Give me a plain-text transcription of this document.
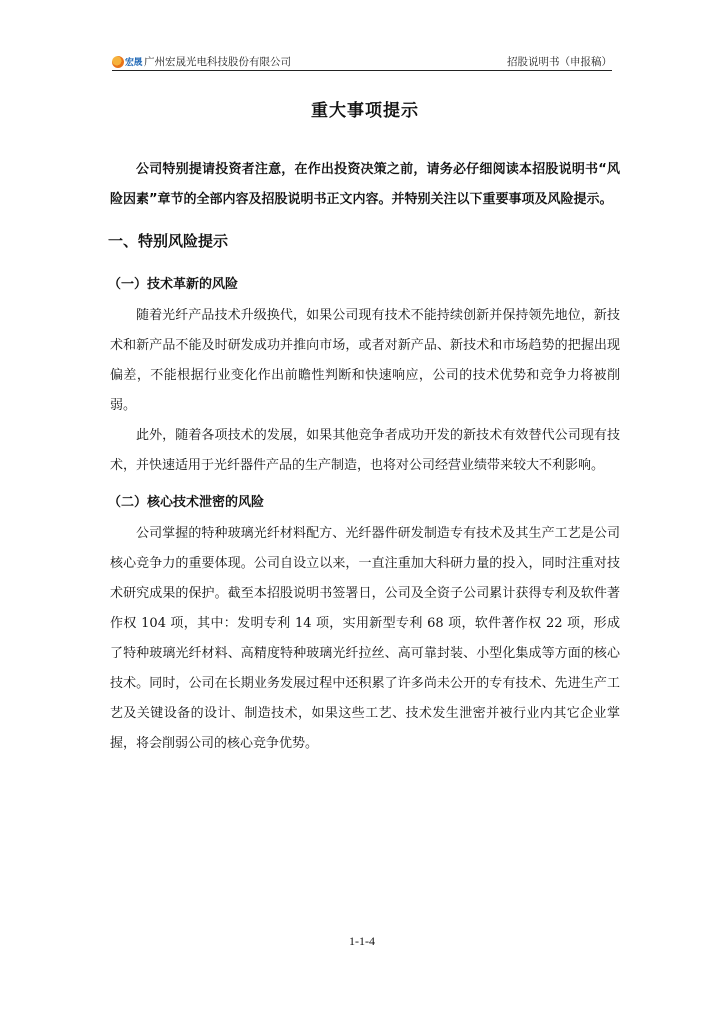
宏晟 广州宏晟光电科技股份有限公司	招股说明书（申报稿）
重大事项提示

公司特别提请投资者注意，在作出投资决策之前，请务必仔细阅读本招股说明书“风险因素”章节的全部内容及招股说明书正文内容。并特别关注以下重要事项及风险提示。

一、特别风险提示
（一）技术革新的风险

随着光纤产品技术升级换代，如果公司现有技术不能持续创新并保持领先地位，新技术和新产品不能及时研发成功并推向市场，或者对新产品、新技术和市场趋势的把握出现偏差，不能根据行业变化作出前瞻性判断和快速响应，公司的技术优势和竞争力将被削弱。

此外，随着各项技术的发展，如果其他竞争者成功开发的新技术有效替代公司现有技术，并快速适用于光纤器件产品的生产制造，也将对公司经营业绩带来较大不利影响。

（二）核心技术泄密的风险

公司掌握的特种玻璃光纤材料配方、光纤器件研发制造专有技术及其生产工艺是公司核心竞争力的重要体现。公司自设立以来，一直注重加大科研力量的投入，同时注重对技术研究成果的保护。截至本招股说明书签署日，公司及全资子公司累计获得专利及软件著作权 104 项，其中：发明专利 14 项，实用新型专利 68 项，软件著作权 22 项，形成了特种玻璃光纤材料、高精度特种玻璃光纤拉丝、高可靠封装、小型化集成等方面的核心技术。同时，公司在长期业务发展过程中还积累了许多尚未公开的专有技术、先进生产工艺及关键设备的设计、制造技术，如果这些工艺、技术发生泄密并被行业内其它企业掌握，将会削弱公司的核心竞争优势。

1-1-4
